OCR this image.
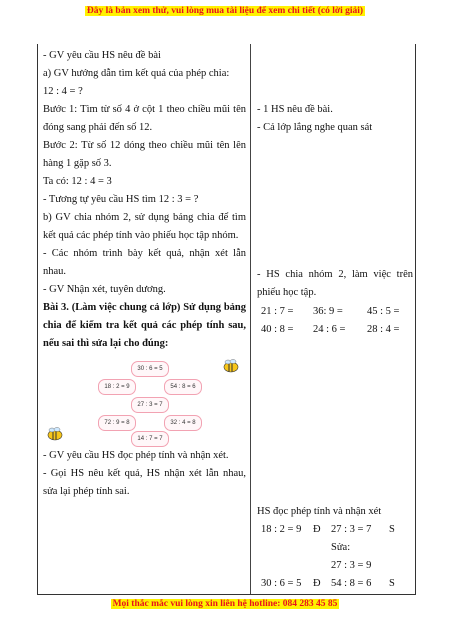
Đây là bản xem thử, vui lòng mua tài liệu để xem chi tiết (có lời giải)

- GV yêu cầu HS nêu đề bài

a) GV hướng dẫn tìm kết quả của phép chia:

12 : 4 = ?

Bước 1: Tìm từ số 4 ở cột 1 theo chiều mũi tên đóng sang phải đến số 12.

Bước 2: Từ số 12 dóng theo chiều mũi tên lên hàng 1 gặp số 3.

Ta có: 12 : 4 = 3

- Tương tự yêu cầu HS tìm 12 : 3 = ?

b) GV chia nhóm 2, sử dụng bảng chia để tìm kết quả các phép tính vào phiếu học tập nhóm.

- Các nhóm trình bày kết quả, nhận xét lẫn nhau.

- GV Nhận xét, tuyên dương.

Bài 3. (Làm việc chung cả lớp) Sử dụng bảng chia để kiểm tra kết quả các phép tính sau, nếu sai thì sửa lại cho đúng:

30 : 6 = 5
18 : 2 = 9	54 : 8 = 6
27 : 3 = 7
72 : 9 = 8	32 : 4 = 8
14 : 7 = 7

- GV yêu cầu HS đọc phép tính và nhận xét.

- Gọi HS nêu kết quả, HS nhận xét lẫn nhau, sửa lại phép tính sai.

- 1 HS nêu đề bài.

- Cả lớp lắng nghe quan sát

- HS chia nhóm 2, làm việc trên phiếu học tập.

21 : 7 =	36: 9 =	45 : 5 =
40 : 8 =	24 : 6 =	28 : 4 =

HS đọc phép tính và nhận xét

18 : 2 = 9	Đ 27 : 3 = 7	S
Sửa:
27 : 3 = 9
30 : 6 = 5	Đ 54 : 8 = 6	S
Mọi thắc mắc vui lòng xin liên hệ hotline: 084 283 45 85
